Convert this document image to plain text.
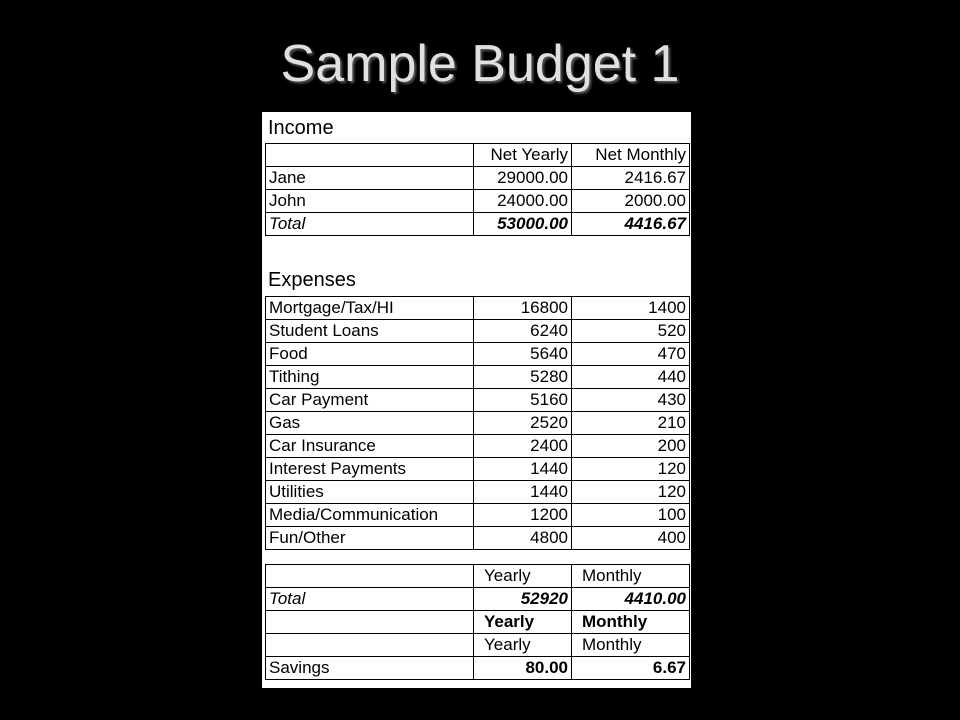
Sample Budget 1
Income
	Net Yearly	Net Monthly
Jane	29000.00	2416.67
John	24000.00	2000.00
Total	53000.00	4416.67
Expenses
Mortgage/Tax/HI	16800	1400
Student Loans	6240	520
Food	5640	470
Tithing	5280	440
Car Payment	5160	430
Gas	2520	210
Car Insurance	2400	200
Interest Payments	1440	120
Utilities	1440	120
Media/Communication	1200	100
Fun/Other	4800	400
	Yearly	Monthly
Total	52920	4410.00
	Yearly	Monthly
	Yearly	Monthly
Savings	80.00	6.67
